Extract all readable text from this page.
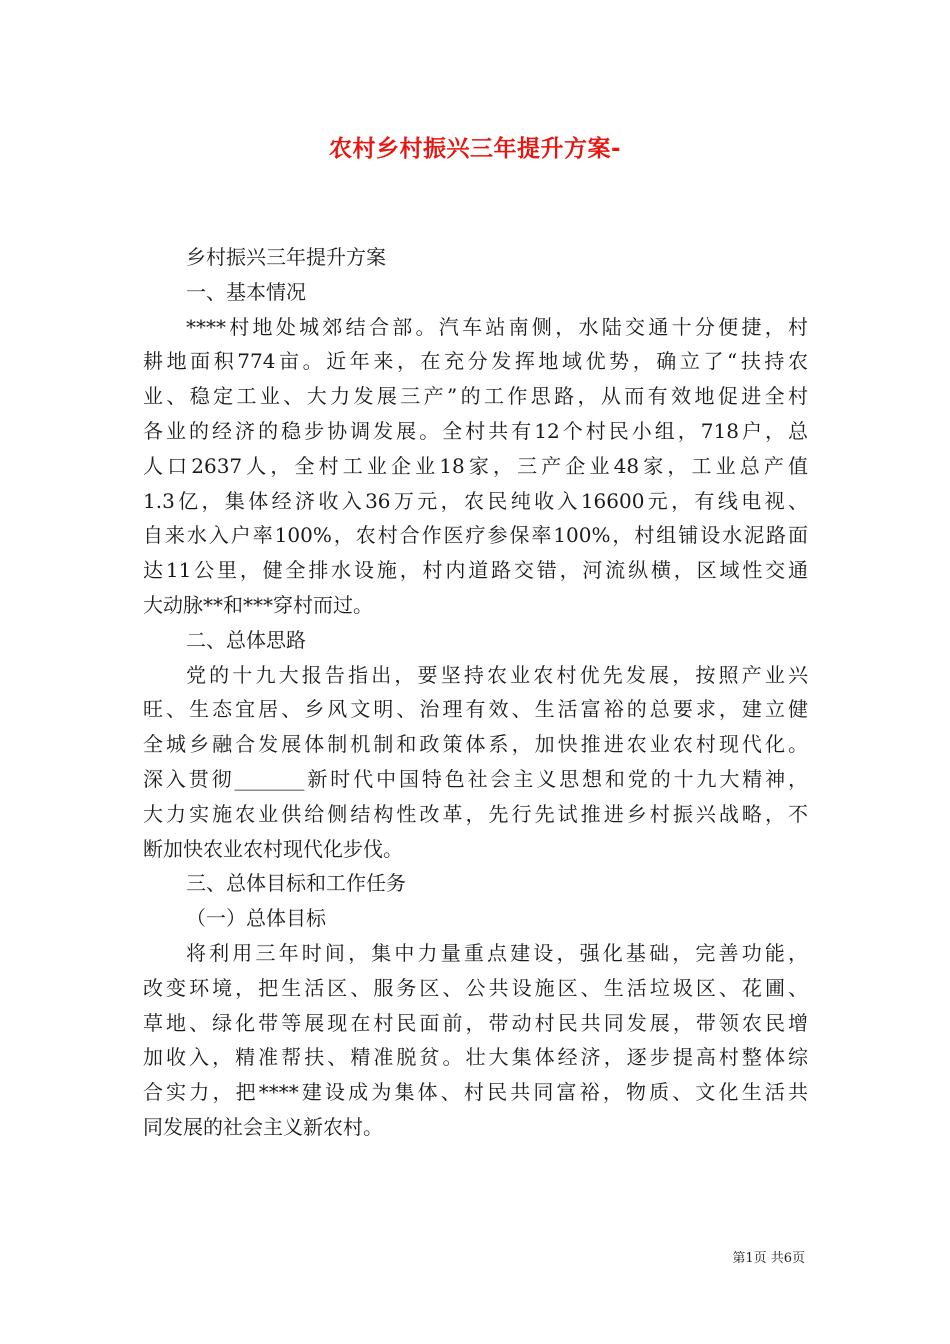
农村乡村振兴三年提升方案-
乡村振兴三年提升方案
一、基本情况
****村地处城郊结合部。汽车站南侧，水陆交通十分便捷，村
耕地面积774亩。近年来，在充分发挥地域优势，确立了“扶持农
业、稳定工业、大力发展三产”的工作思路，从而有效地促进全村
各业的经济的稳步协调发展。全村共有12个村民小组，718户，总
人口2637人，全村工业企业18家，三产企业48家，工业总产值
1.3亿，集体经济收入36万元，农民纯收入16600元，有线电视、
自来水入户率100%，农村合作医疗参保率100%，村组铺设水泥路面
达11公里，健全排水设施，村内道路交错，河流纵横，区域性交通
大动脉**和***穿村而过。
二、总体思路
党的十九大报告指出，要坚持农业农村优先发展，按照产业兴
旺、生态宜居、乡风文明、治理有效、生活富裕的总要求，建立健
全城乡融合发展体制机制和政策体系，加快推进农业农村现代化。
深入贯彻_______新时代中国特色社会主义思想和党的十九大精神，
大力实施农业供给侧结构性改革，先行先试推进乡村振兴战略，不
断加快农业农村现代化步伐。
三、总体目标和工作任务
（一）总体目标
将利用三年时间，集中力量重点建设，强化基础，完善功能，
改变环境，把生活区、服务区、公共设施区、生活垃圾区、花圃、
草地、绿化带等展现在村民面前，带动村民共同发展，带领农民增
加收入，精准帮扶、精准脱贫。壮大集体经济，逐步提高村整体综
合实力，把****建设成为集体、村民共同富裕，物质、文化生活共
同发展的社会主义新农村。
第1页 共6页
